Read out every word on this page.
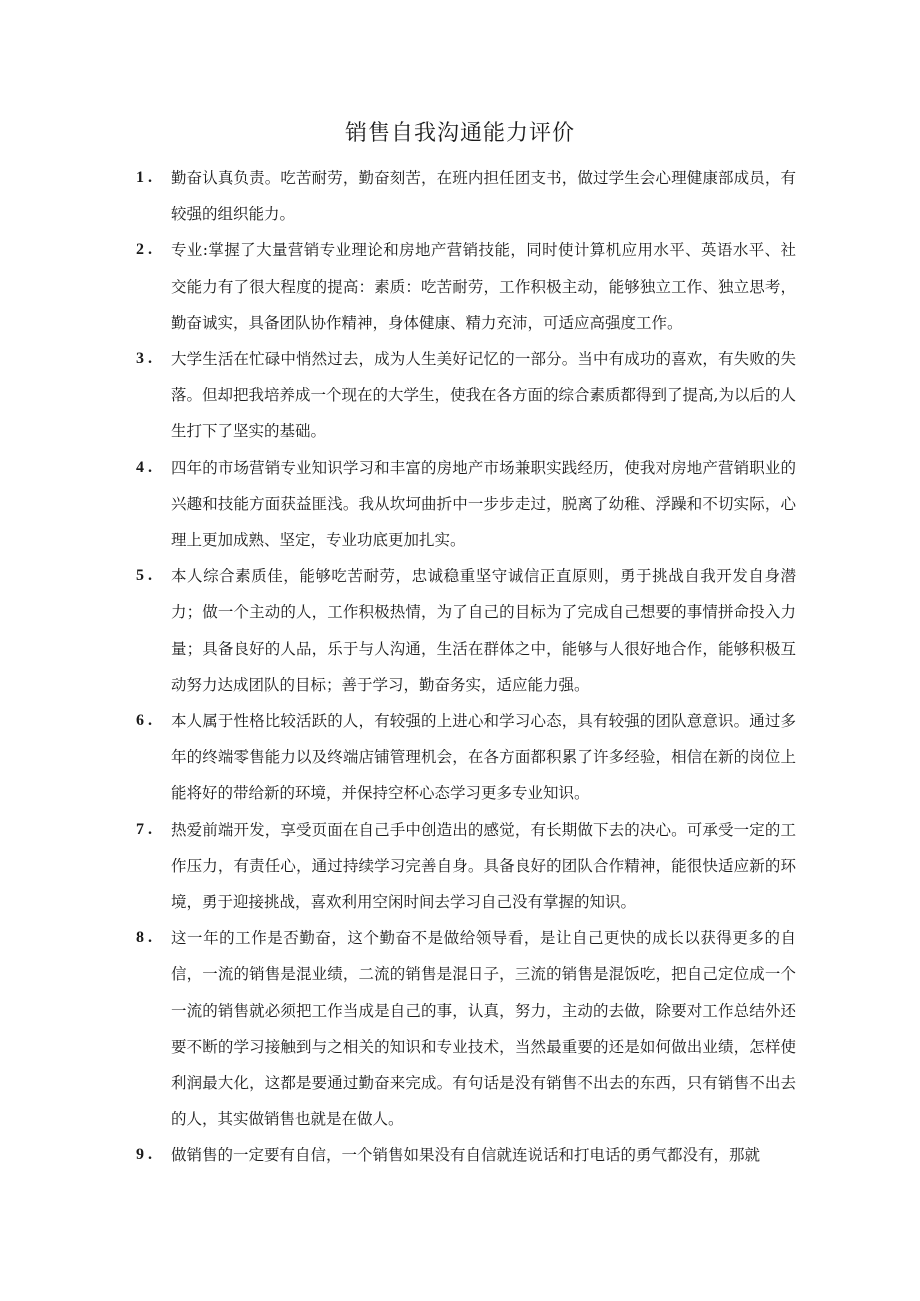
销售自我沟通能力评价
1 . 勤奋认真负责。吃苦耐劳，勤奋刻苦，在班内担任团支书，做过学生会心理健康部成员，有较强的组织能力。
2 . 专业:掌握了大量营销专业理论和房地产营销技能，同时使计算机应用水平、英语水平、社交能力有了很大程度的提高：素质：吃苦耐劳，工作积极主动，能够独立工作、独立思考，勤奋诚实，具备团队协作精神，身体健康、精力充沛，可适应高强度工作。
3 . 大学生活在忙碌中悄然过去，成为人生美好记忆的一部分。当中有成功的喜欢，有失败的失落。但却把我培养成一个现在的大学生，使我在各方面的综合素质都得到了提高,为以后的人生打下了坚实的基础。
4 . 四年的市场营销专业知识学习和丰富的房地产市场兼职实践经历，使我对房地产营销职业的兴趣和技能方面获益匪浅。我从坎坷曲折中一步步走过，脱离了幼稚、浮躁和不切实际，心理上更加成熟、坚定，专业功底更加扎实。
5 . 本人综合素质佳，能够吃苦耐劳，忠诚稳重坚守诚信正直原则，勇于挑战自我开发自身潜力；做一个主动的人，工作积极热情，为了自己的目标为了完成自己想要的事情拼命投入力量；具备良好的人品，乐于与人沟通，生活在群体之中，能够与人很好地合作，能够积极互动努力达成团队的目标；善于学习，勤奋务实，适应能力强。
6 . 本人属于性格比较活跃的人，有较强的上进心和学习心态，具有较强的团队意意识。通过多年的终端零售能力以及终端店铺管理机会，在各方面都积累了许多经验，相信在新的岗位上能将好的带给新的环境，并保持空杯心态学习更多专业知识。
7 . 热爱前端开发，享受页面在自己手中创造出的感觉，有长期做下去的决心。可承受一定的工作压力，有责任心，通过持续学习完善自身。具备良好的团队合作精神，能很快适应新的环境，勇于迎接挑战，喜欢利用空闲时间去学习自己没有掌握的知识。
8 . 这一年的工作是否勤奋，这个勤奋不是做给领导看，是让自己更快的成长以获得更多的自信，一流的销售是混业绩，二流的销售是混日子，三流的销售是混饭吃，把自己定位成一个一流的销售就必须把工作当成是自己的事，认真，努力，主动的去做，除要对工作总结外还要不断的学习接触到与之相关的知识和专业技术，当然最重要的还是如何做出业绩，怎样使利润最大化，这都是要通过勤奋来完成。有句话是没有销售不出去的东西，只有销售不出去的人，其实做销售也就是在做人。
9 . 做销售的一定要有自信，一个销售如果没有自信就连说话和打电话的勇气都没有，那就
